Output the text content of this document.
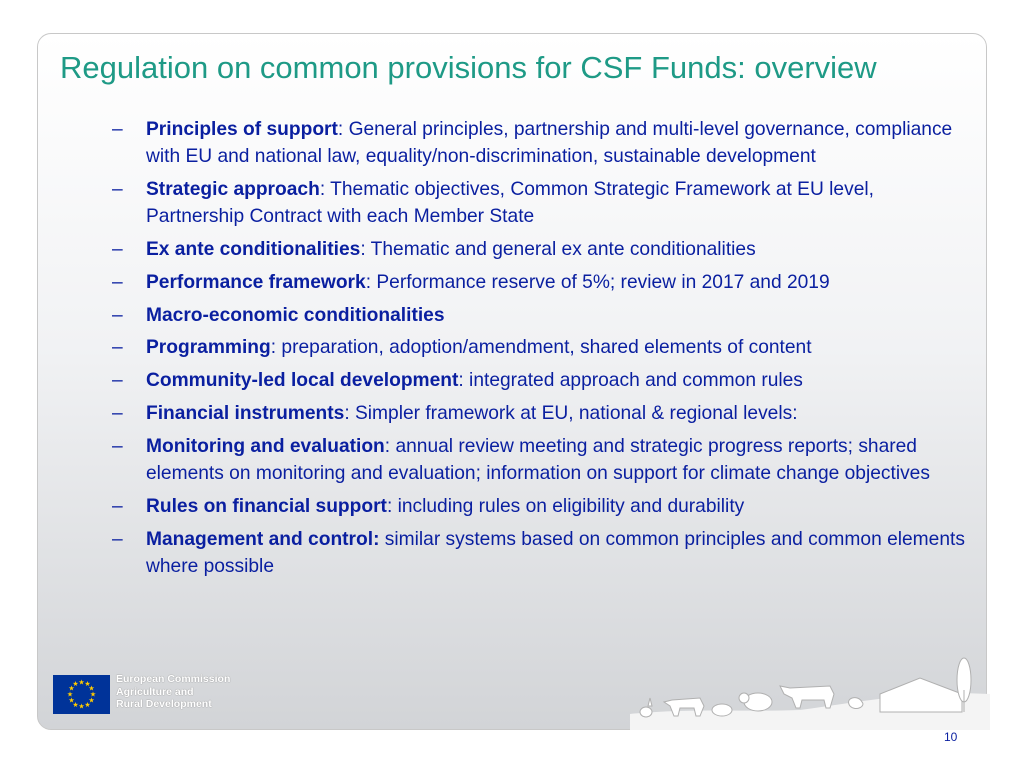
Regulation on common provisions for CSF Funds: overview
– Principles of support: General principles, partnership and multi-level governance, compliance with EU and national law, equality/non-discrimination, sustainable development
– Strategic approach: Thematic objectives, Common Strategic Framework at EU level, Partnership Contract with each Member State
– Ex ante conditionalities: Thematic and general ex ante conditionalities
– Performance framework: Performance reserve of 5%; review in 2017 and 2019
– Macro-economic conditionalities
– Programming: preparation, adoption/amendment, shared elements of content
– Community-led local development: integrated approach and common rules
– Financial instruments: Simpler framework at EU, national & regional levels:
– Monitoring and evaluation: annual review meeting and strategic progress reports; shared elements on monitoring and evaluation; information on support for climate change objectives
– Rules on financial support: including rules on eligibility and durability
– Management and control: similar systems based on common principles and common elements where possible
★ ★
★
★
★
★
★
★
★
★
★
★	European Commission
Agriculture and
Rural Development
10
